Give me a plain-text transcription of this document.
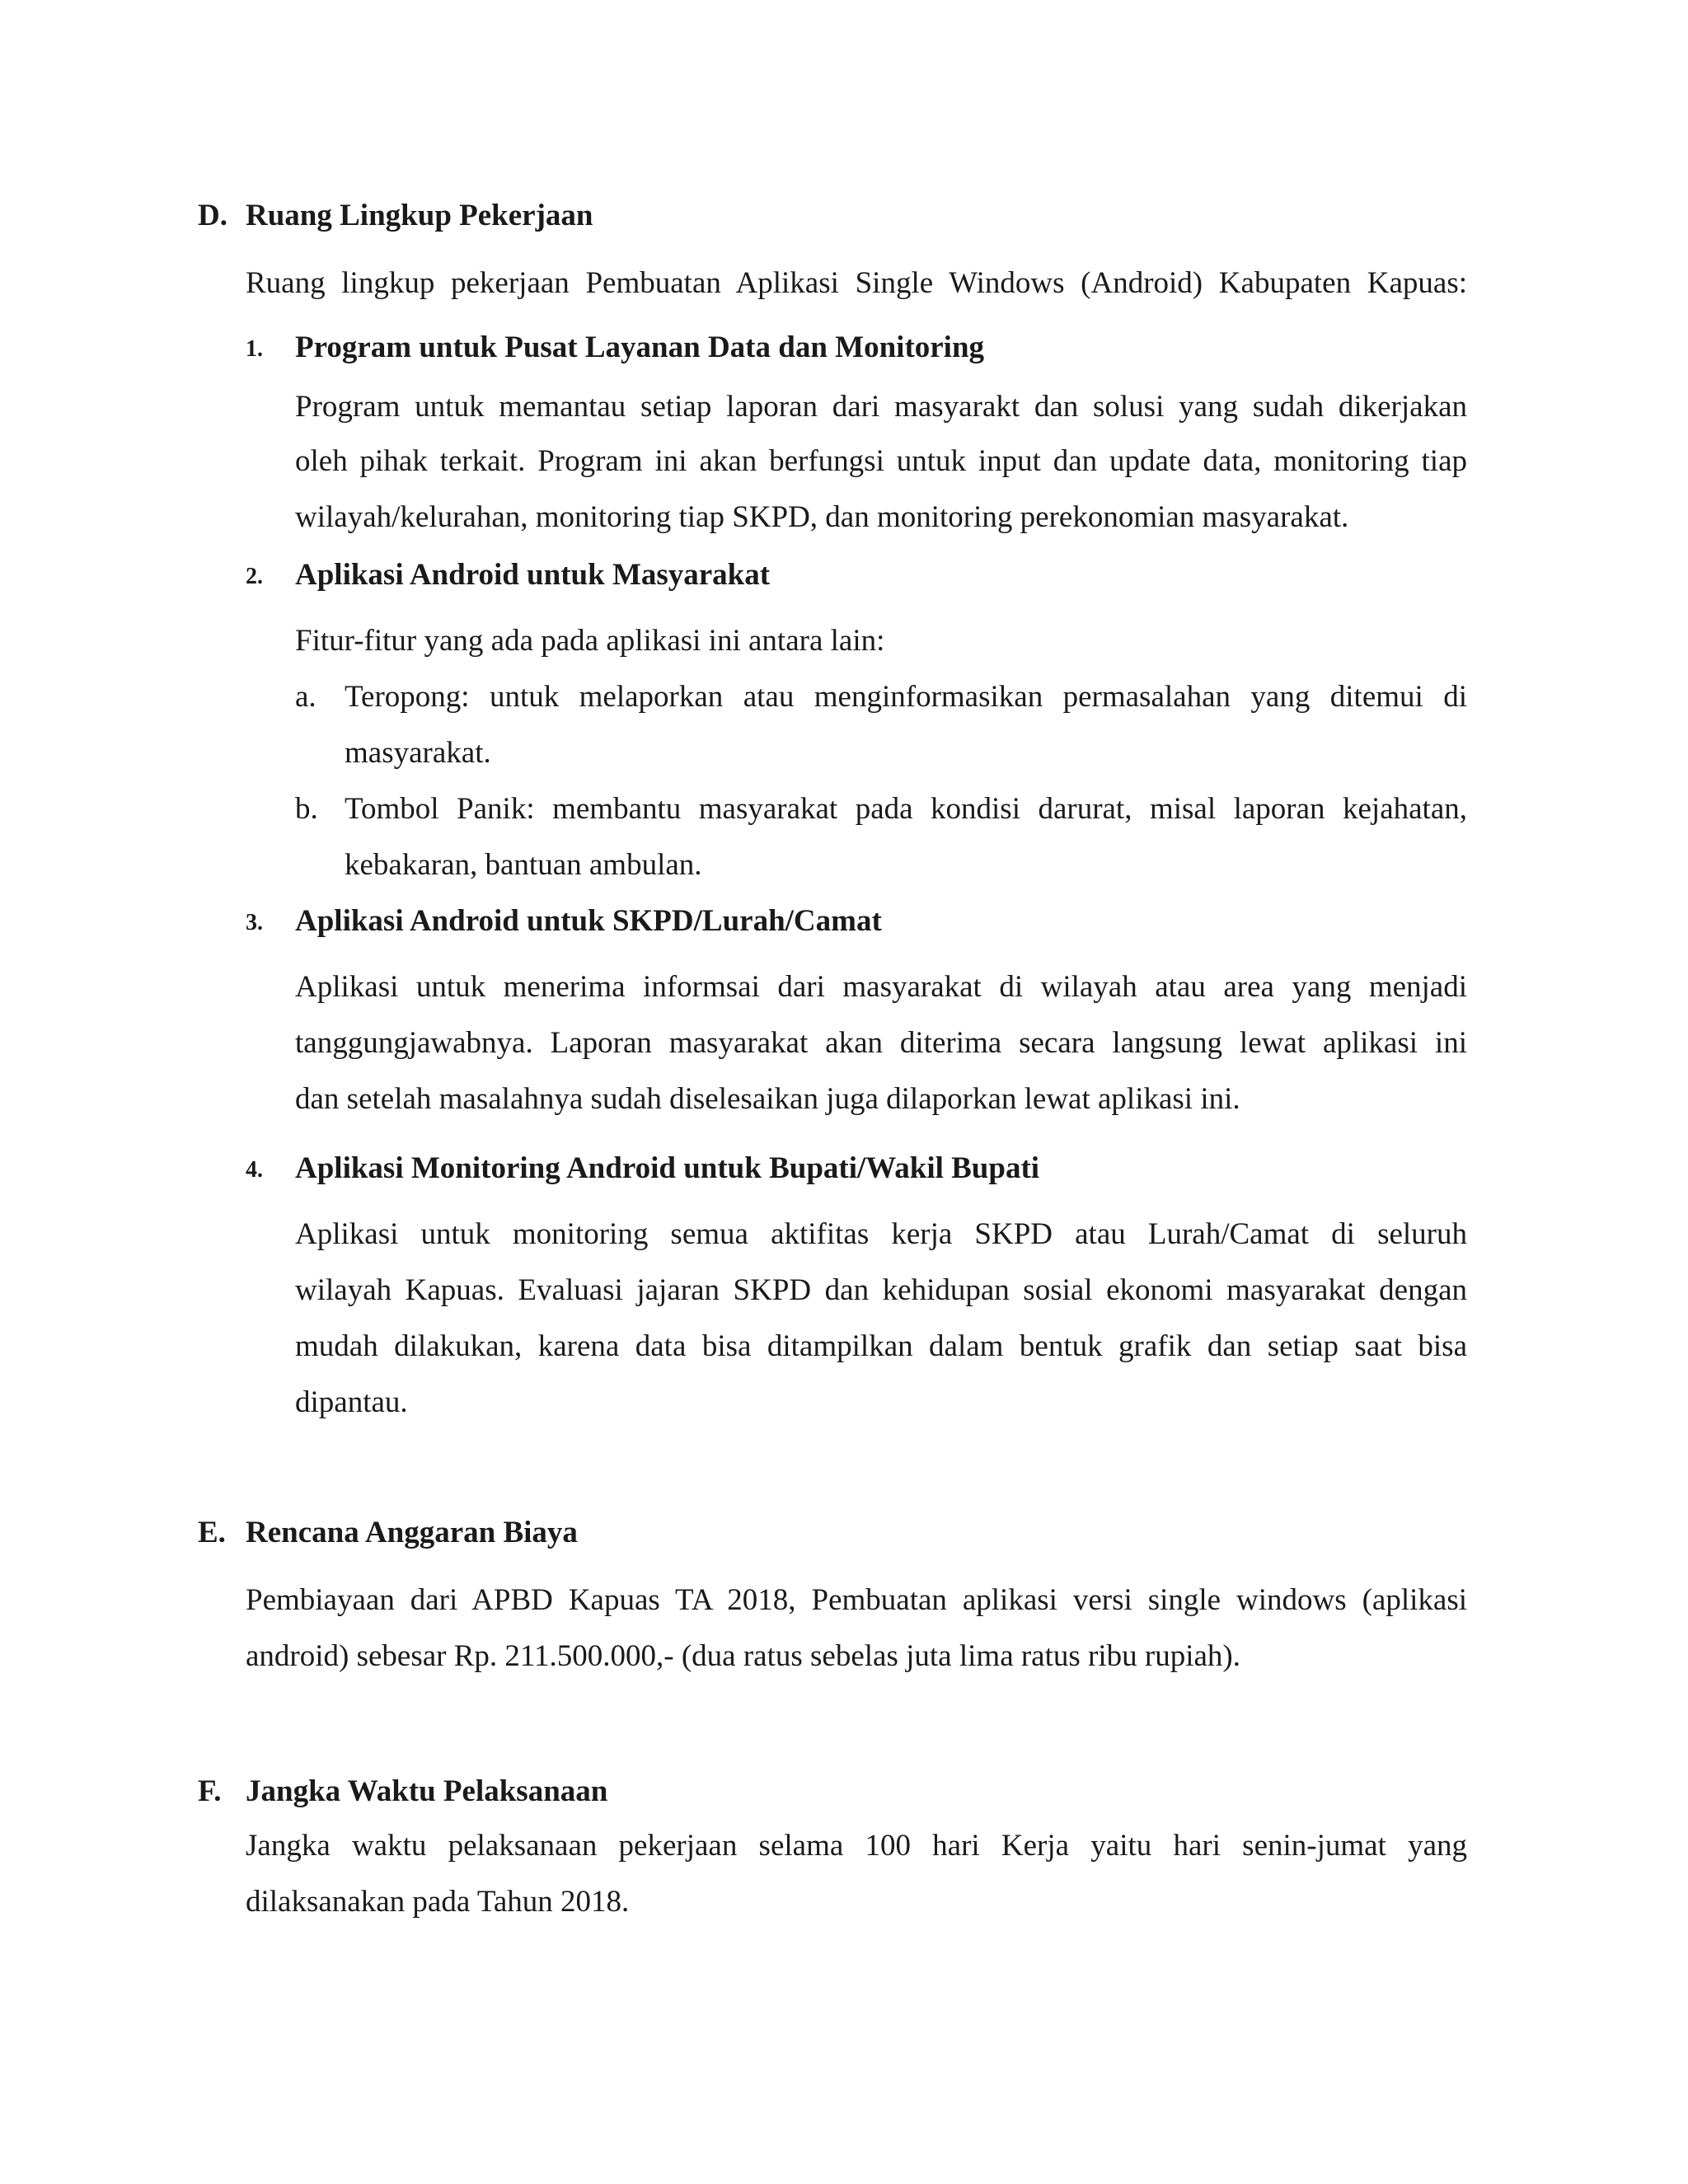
D. Ruang Lingkup Pekerjaan
Ruang lingkup pekerjaan Pembuatan Aplikasi Single Windows (Android) Kabupaten Kapuas:
1. Program untuk Pusat Layanan Data dan Monitoring
Program untuk memantau setiap laporan dari masyarakt dan solusi yang sudah dikerjakan
oleh pihak terkait. Program ini akan berfungsi untuk input dan update data, monitoring tiap
wilayah/kelurahan, monitoring tiap SKPD, dan monitoring perekonomian masyarakat.
2. Aplikasi Android untuk Masyarakat
Fitur-fitur yang ada pada aplikasi ini antara lain:
a. Teropong: untuk melaporkan atau menginformasikan permasalahan yang ditemui di
masyarakat.
b. Tombol Panik: membantu masyarakat pada kondisi darurat, misal laporan kejahatan,
kebakaran, bantuan ambulan.
3. Aplikasi Android untuk SKPD/Lurah/Camat
Aplikasi untuk menerima informsai dari masyarakat di wilayah atau area yang menjadi
tanggungjawabnya. Laporan masyarakat akan diterima secara langsung lewat aplikasi ini
dan setelah masalahnya sudah diselesaikan juga dilaporkan lewat aplikasi ini.
4. Aplikasi Monitoring Android untuk Bupati/Wakil Bupati
Aplikasi untuk monitoring semua aktifitas kerja SKPD atau Lurah/Camat di seluruh
wilayah Kapuas. Evaluasi jajaran SKPD dan kehidupan sosial ekonomi masyarakat dengan
mudah dilakukan, karena data bisa ditampilkan dalam bentuk grafik dan setiap saat bisa
dipantau.
E. Rencana Anggaran Biaya
Pembiayaan dari APBD Kapuas TA 2018, Pembuatan aplikasi versi single windows (aplikasi
android) sebesar Rp. 211.500.000,- (dua ratus sebelas juta lima ratus ribu rupiah).
F. Jangka Waktu Pelaksanaan
Jangka waktu pelaksanaan pekerjaan selama 100 hari Kerja yaitu hari senin-jumat yang
dilaksanakan pada Tahun 2018.
